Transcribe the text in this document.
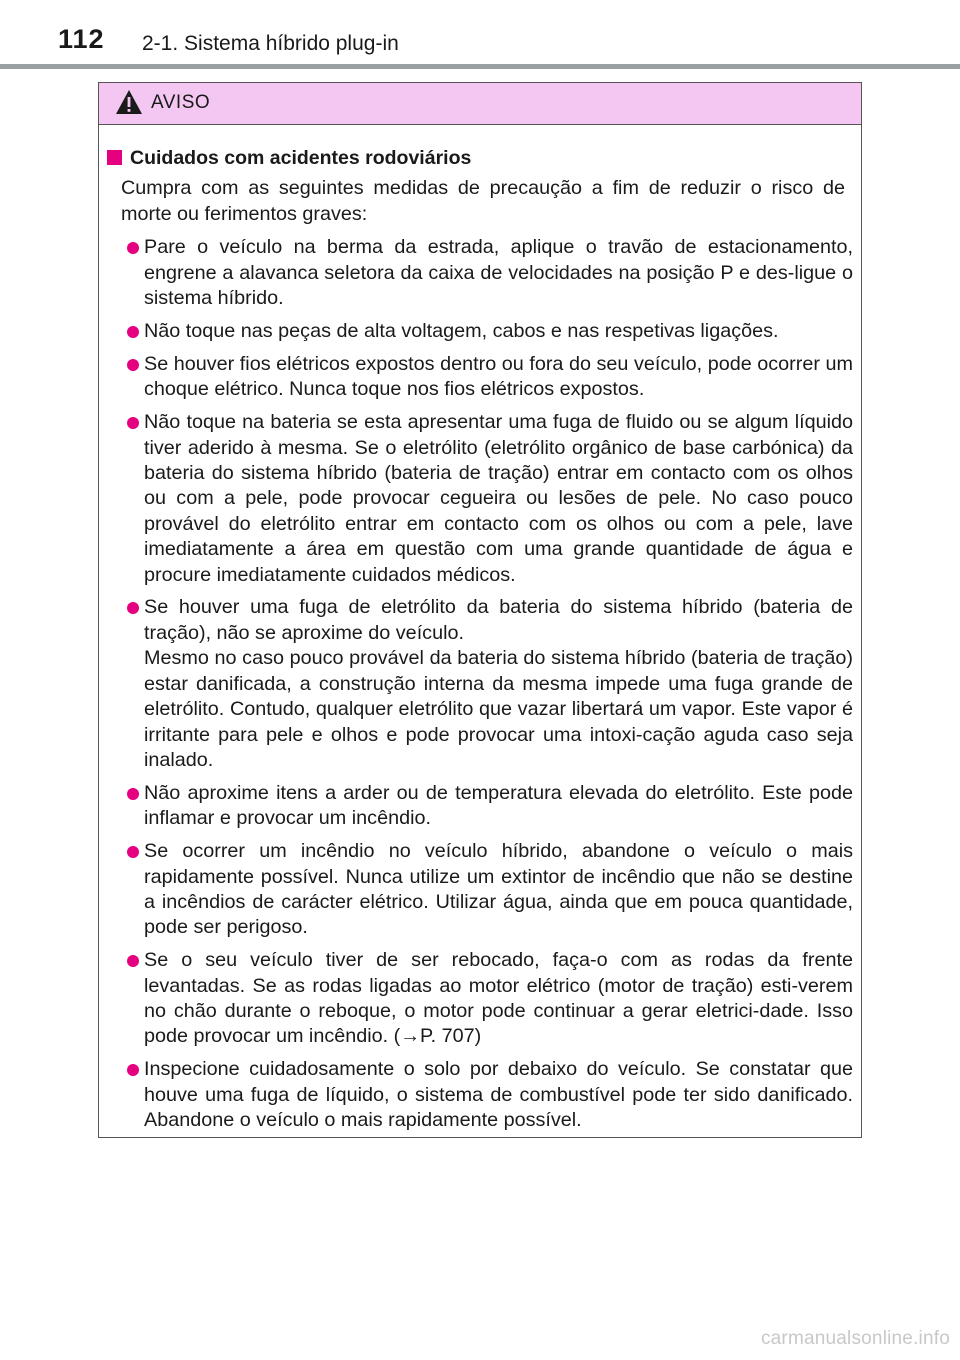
112 2-1. Sistema híbrido plug-in
AVISO
Cuidados com acidentes rodoviários

Cumpra com as seguintes medidas de precaução a fim de reduzir o risco de morte ou ferimentos graves:

Pare o veículo na berma da estrada, aplique o travão de estacionamento, engrene a alavanca seletora da caixa de velocidades na posição P e des-ligue o sistema híbrido.

Não toque nas peças de alta voltagem, cabos e nas respetivas ligações.

Se houver fios elétricos expostos dentro ou fora do seu veículo, pode ocorrer um choque elétrico. Nunca toque nos fios elétricos expostos.

Não toque na bateria se esta apresentar uma fuga de fluido ou se algum líquido tiver aderido à mesma. Se o eletrólito (eletrólito orgânico de base carbónica) da bateria do sistema híbrido (bateria de tração) entrar em contacto com os olhos ou com a pele, pode provocar cegueira ou lesões de pele. No caso pouco provável do eletrólito entrar em contacto com os olhos ou com a pele, lave imediatamente a área em questão com uma grande quantidade de água e procure imediatamente cuidados médicos.

Se houver uma fuga de eletrólito da bateria do sistema híbrido (bateria de tração), não se aproxime do veículo.

Mesmo no caso pouco provável da bateria do sistema híbrido (bateria de tração) estar danificada, a construção interna da mesma impede uma fuga grande de eletrólito. Contudo, qualquer eletrólito que vazar libertará um vapor. Este vapor é irritante para pele e olhos e pode provocar uma intoxi-cação aguda caso seja inalado.

Não aproxime itens a arder ou de temperatura elevada do eletrólito. Este pode inflamar e provocar um incêndio.

Se ocorrer um incêndio no veículo híbrido, abandone o veículo o mais rapidamente possível. Nunca utilize um extintor de incêndio que não se destine a incêndios de carácter elétrico. Utilizar água, ainda que em pouca quantidade, pode ser perigoso.

Se o seu veículo tiver de ser rebocado, faça-o com as rodas da frente levantadas. Se as rodas ligadas ao motor elétrico (motor de tração) esti-verem no chão durante o reboque, o motor pode continuar a gerar eletrici-dade. Isso pode provocar um incêndio. (→P. 707)

Inspecione cuidadosamente o solo por debaixo do veículo. Se constatar que houve uma fuga de líquido, o sistema de combustível pode ter sido danificado. Abandone o veículo o mais rapidamente possível.

carmanualsonline.info
